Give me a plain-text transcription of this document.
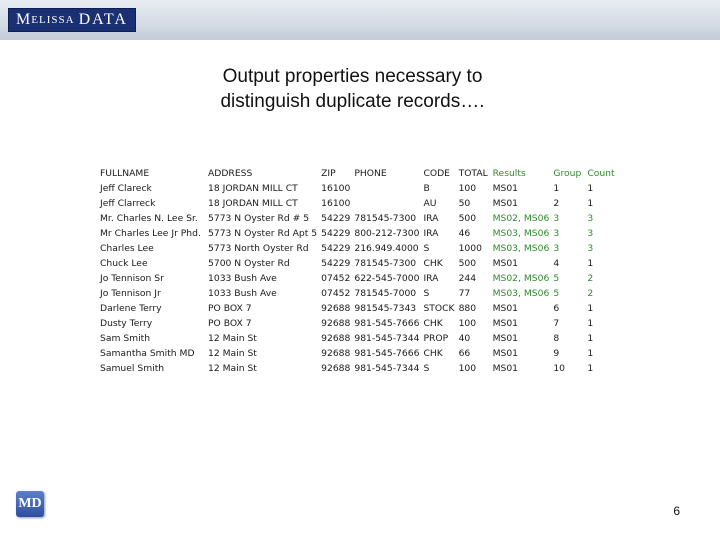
M ELISSA DATA
Output properties necessary to
distinguish duplicate records….
FULLNAME	ADDRESS	ZIP	PHONE	CODE	TOTAL	Results	Group	Count
Jeff Clareck	18 JORDAN MILL CT	16100		B	100	MS01	1	1
Jeff Clarreck	18 JORDAN MILL CT	16100		AU	50	MS01	2	1
Mr. Charles N. Lee Sr.	5773 N Oyster Rd # 5	54229	781545-7300	IRA	500	MS02, MS06	3	3
Mr Charles Lee Jr Phd.	5773 N Oyster Rd Apt 5	54229	800-212-7300	IRA	46	MS03, MS06	3	3
Charles Lee	5773 North Oyster Rd	54229	216.949.4000	S	1000	MS03, MS06	3	3
Chuck Lee	5700 N Oyster Rd	54229	781545-7300	CHK	500	MS01	4	1
Jo Tennison Sr	1033 Bush Ave	07452	622-545-7000	IRA	244	MS02, MS06	5	2
Jo Tennison Jr	1033 Bush Ave	07452	781545-7000	S	77	MS03, MS06	5	2
Darlene Terry	PO BOX 7	92688	981545-7343	STOCK	880	MS01	6	1
Dusty Terry	PO BOX 7	92688	981-545-7666	CHK	100	MS01	7	1
Sam Smith	12 Main St	92688	981-545-7344	PROP	40	MS01	8	1
Samantha Smith MD	12 Main St	92688	981-545-7666	CHK	66	MS01	9	1
Samuel Smith	12 Main St	92688	981-545-7344	S	100	MS01	10	1
MD	6
